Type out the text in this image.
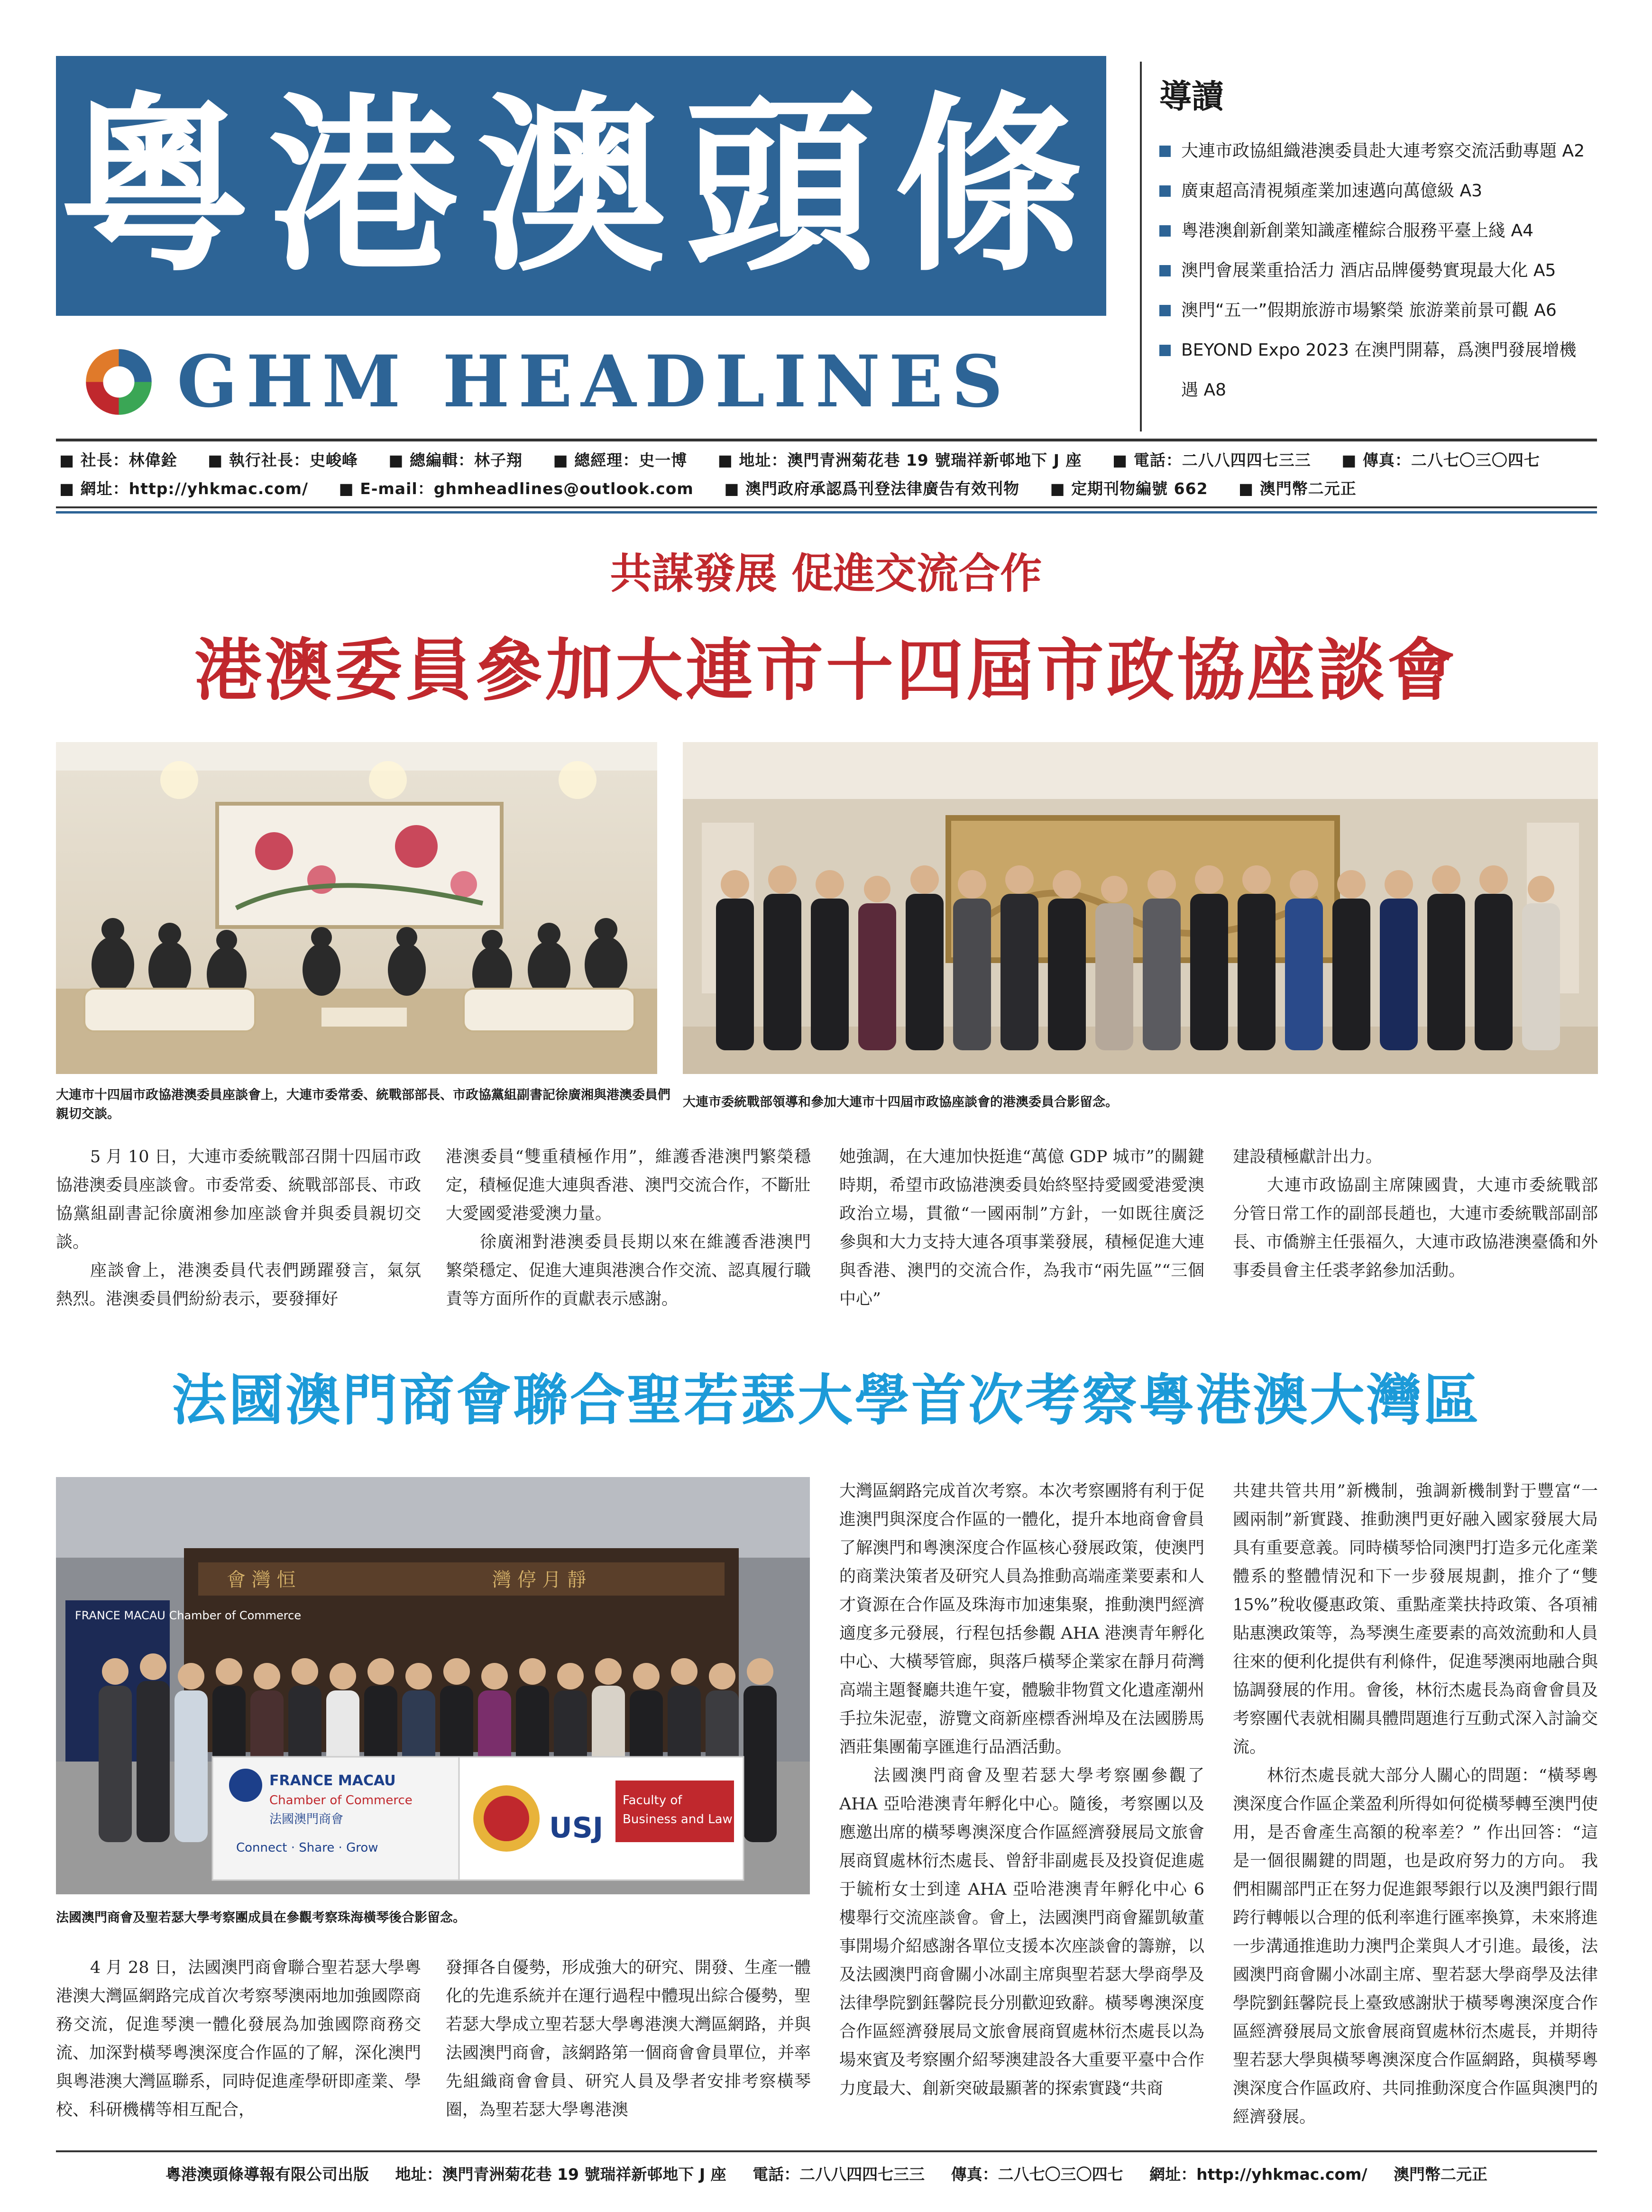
粵港澳頭條
GHM HEADLINES
導讀
大連市政協組織港澳委員赴大連考察交流活動專題
A2
廣東超高清視頻產業加速邁向萬億級
A3
粵港澳創新創業知識產權綜合服務平臺上綫
A4
澳門會展業重拾活力 酒店品牌優勢實現最大化
A5
澳門“五一”假期旅游市場繁榮 旅游業前景可觀
A6
BEYOND Expo 2023 在澳門開幕，爲澳門發展增機遇 A8
■ 社長：林偉銓 ■ 執行社長：史峻峰 ■ 總編輯：林子翔 ■ 總經理：史一博 ■ 地址：澳門青洲菊花巷 19 號瑞祥新邨地下 J 座 ■ 電話：二八八四四七三三 ■ 傳真：二八七〇三〇四七
■ 網址：http://yhkmac.com/ ■ E-mail：ghmheadlines@outlook.com ■ 澳門政府承認爲刊登法律廣告有效刊物 ■ 定期刊物編號 662 ■ 澳門幣二元正
共謀發展 促進交流合作
港澳委員參加大連市十四屆市政協座談會
大連市十四屆市政協港澳委員座談會上，大連市委常委、統戰部部長、市政協黨組副書記徐廣湘與港澳委員們親切交談。
大連市委統戰部領導和參加大連市十四屆市政協座談會的港澳委員合影留念。

5 月 10 日，大連市委統戰部召開十四屆市政協港澳委員座談會。市委常委、統戰部部長、市政協黨組副書記徐廣湘參加座談會并與委員親切交談。

座談會上，港澳委員代表們踴躍發言，氣氛熱烈。港澳委員們紛紛表示，要發揮好

港澳委員“雙重積極作用”，維護香港澳門繁榮穩定，積極促進大連與香港、澳門交流合作，不斷壯大愛國愛港愛澳力量。

徐廣湘對港澳委員長期以來在維護香港澳門繁榮穩定、促進大連與港澳合作交流、認真履行職責等方面所作的貢獻表示感謝。

她強調，在大連加快挺進“萬億 GDP 城市”的關鍵時期，希望市政協港澳委員始終堅持愛國愛港愛澳政治立場，貫徹“一國兩制”方針，一如既往廣泛參與和大力支持大連各項事業發展，積極促進大連與香港、澳門的交流合作，為我市“兩先區”“三個中心”

建設積極獻計出力。

大連市政協副主席陳國貴，大連市委統戰部分管日常工作的副部長趙也，大連市委統戰部副部長、市僑辦主任張福久，大連市政協港澳臺僑和外事委員會主任裘孝銘參加活動。

法國澳門商會聯合聖若瑟大學首次考察粵港澳大灣區
會 灣 恒	灣 停 月 靜
FRANCE MACAU Chamber of Commerce
FRANCE MACAU
Chamber of Commerce
法國澳門商會
Connect · Share · Grow
USJ
Faculty of
Business and Law
法國澳門商會及聖若瑟大學考察團成員在參觀考察珠海橫琴後合影留念。

大灣區網路完成首次考察。本次考察團將有利于促進澳門與深度合作區的一體化，提升本地商會會員了解澳門和粵澳深度合作區核心發展政策，使澳門的商業決策者及研究人員為推動高端產業要素和人才資源在合作區及珠海市加速集聚，推動澳門經濟適度多元發展，行程包括參觀 AHA 港澳青年孵化中心、大橫琴管廊，與落戶橫琴企業家在靜月荷灣高端主題餐廳共進午宴，體驗非物質文化遺產潮州手拉朱泥壺，游覽文商新座標香洲埠及在法國勝馬酒莊集團葡享匯進行品酒活動。

法國澳門商會及聖若瑟大學考察團參觀了 AHA 亞哈港澳青年孵化中心。隨後，考察團以及應邀出席的橫琴粵澳深度合作區經濟發展局文旅會展商貿處林衍杰處長、曾舒非副處長及投資促進處于毓桁女士到達 AHA 亞哈港澳青年孵化中心 6 樓舉行交流座談會。會上，法國澳門商會羅凱敏董事開場介紹感謝各單位支援本次座談會的籌辦，以及法國澳門商會關小冰副主席與聖若瑟大學商學及法律學院劉鈺馨院長分別歡迎致辭。橫琴粵澳深度合作區經濟發展局文旅會展商貿處林衍杰處長以為場來賓及考察團介紹琴澳建設各大重要平臺中合作力度最大、創新突破最顯著的探索實踐“共商

共建共管共用”新機制，強調新機制對于豐富“一國兩制”新實踐、推動澳門更好融入國家發展大局具有重要意義。同時橫琴恰同澳門打造多元化產業體系的整體情況和下一步發展規劃，推介了“雙 15%”稅收優惠政策、重點產業扶持政策、各項補貼惠澳政策等，為琴澳生產要素的高效流動和人員往來的便利化提供有利條件，促進琴澳兩地融合與協調發展的作用。會後，林衍杰處長為商會會員及考察團代表就相關具體問題進行互動式深入討論交流。

林衍杰處長就大部分人關心的問題：“橫琴粵澳深度合作區企業盈利所得如何從橫琴轉至澳門使用，是否會產生高額的稅率差？” 作出回答：“這是一個很關鍵的問題，也是政府努力的方向。 我們相關部門正在努力促進銀琴銀行以及澳門銀行間跨行轉帳以合理的低利率進行匯率換算，未來將進一步溝通推進助力澳門企業與人才引進。最後，法國澳門商會關小冰副主席、聖若瑟大學商學及法律學院劉鈺馨院長上臺致感謝狀于橫琴粵澳深度合作區經濟發展局文旅會展商貿處林衍杰處長，并期待聖若瑟大學與橫琴粵澳深度合作區網路，與橫琴粵澳深度合作區政府、共同推動深度合作區與澳門的經濟發展。

4 月 28 日，法國澳門商會聯合聖若瑟大學粵港澳大灣區網路完成首次考察琴澳兩地加強國際商務交流，促進琴澳一體化發展為加強國際商務交流、加深對橫琴粵澳深度合作區的了解，深化澳門與粵港澳大灣區聯系，同時促進產學研即產業、學校、科研機構等相互配合，

發揮各自優勢，形成強大的研究、開發、生產一體化的先進系統并在運行過程中體現出綜合優勢，聖若瑟大學成立聖若瑟大學粵港澳大灣區網路，并與法國澳門商會，該網路第一個商會會員單位，并率先組織商會會員、研究人員及學者安排考察橫琴圈，為聖若瑟大學粵港澳

粵港澳頭條導報有限公司出版 地址：澳門青洲菊花巷 19 號瑞祥新邨地下 J 座 電話：二八八四四七三三 傳真：二八七〇三〇四七 網址：http://yhkmac.com/ 澳門幣二元正
